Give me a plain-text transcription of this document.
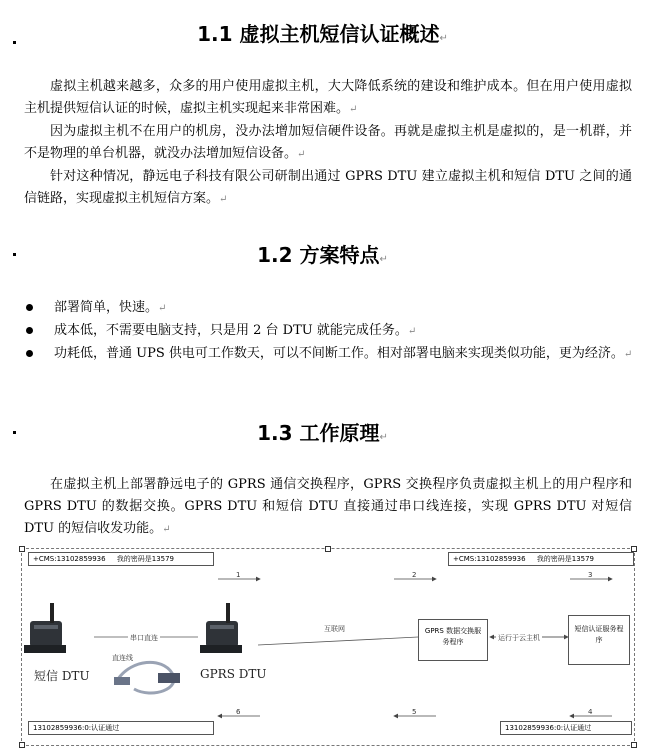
1.1 虚拟主机短信认证概述↵

虚拟主机越来越多，众多的用户使用虚拟主机，大大降低系统的建设和维护成本。但在用户使用虚拟主机提供短信认证的时候，虚拟主机实现起来非常困难。↵

因为虚拟主机不在用户的机房，没办法增加短信硬件设备。再就是虚拟主机是虚拟的，是一机群，并不是物理的单台机器，就没办法增加短信设备。↵

针对这种情况，静远电子科技有限公司研制出通过 GPRS DTU 建立虚拟主机和短信 DTU 之间的通信链路，实现虚拟主机短信方案。↵

1.2 方案特点↵
部署简单，快速。↵
成本低，不需要电脑支持，只是用 2 台 DTU 就能完成任务。↵
功耗低，普通 UPS 供电可工作数天，可以不间断工作。相对部署电脑来实现类似功能，更为经济。↵
1.3 工作原理↵

在虚拟主机上部署静远电子的 GPRS 通信交换程序，GPRS 交换程序负责虚拟主机上的用户程序和 GPRS DTU 的数据交换。GPRS DTU 和短信 DTU 直接通过串口线连接，实现 GPRS DTU 对短信 DTU 的短信收发功能。↵

+CMS:13102859936 我的密码是13579	+CMS:13102859936 我的密码是13579
1	2	3
4
5
6
串口直连
直连线
互联网
短信 DTU	GPRS DTU
GPRS 数据交换服务程序	运行于云主机
短信认证服务程序
13102859936:0:认证通过	13102859936:0:认证通过
